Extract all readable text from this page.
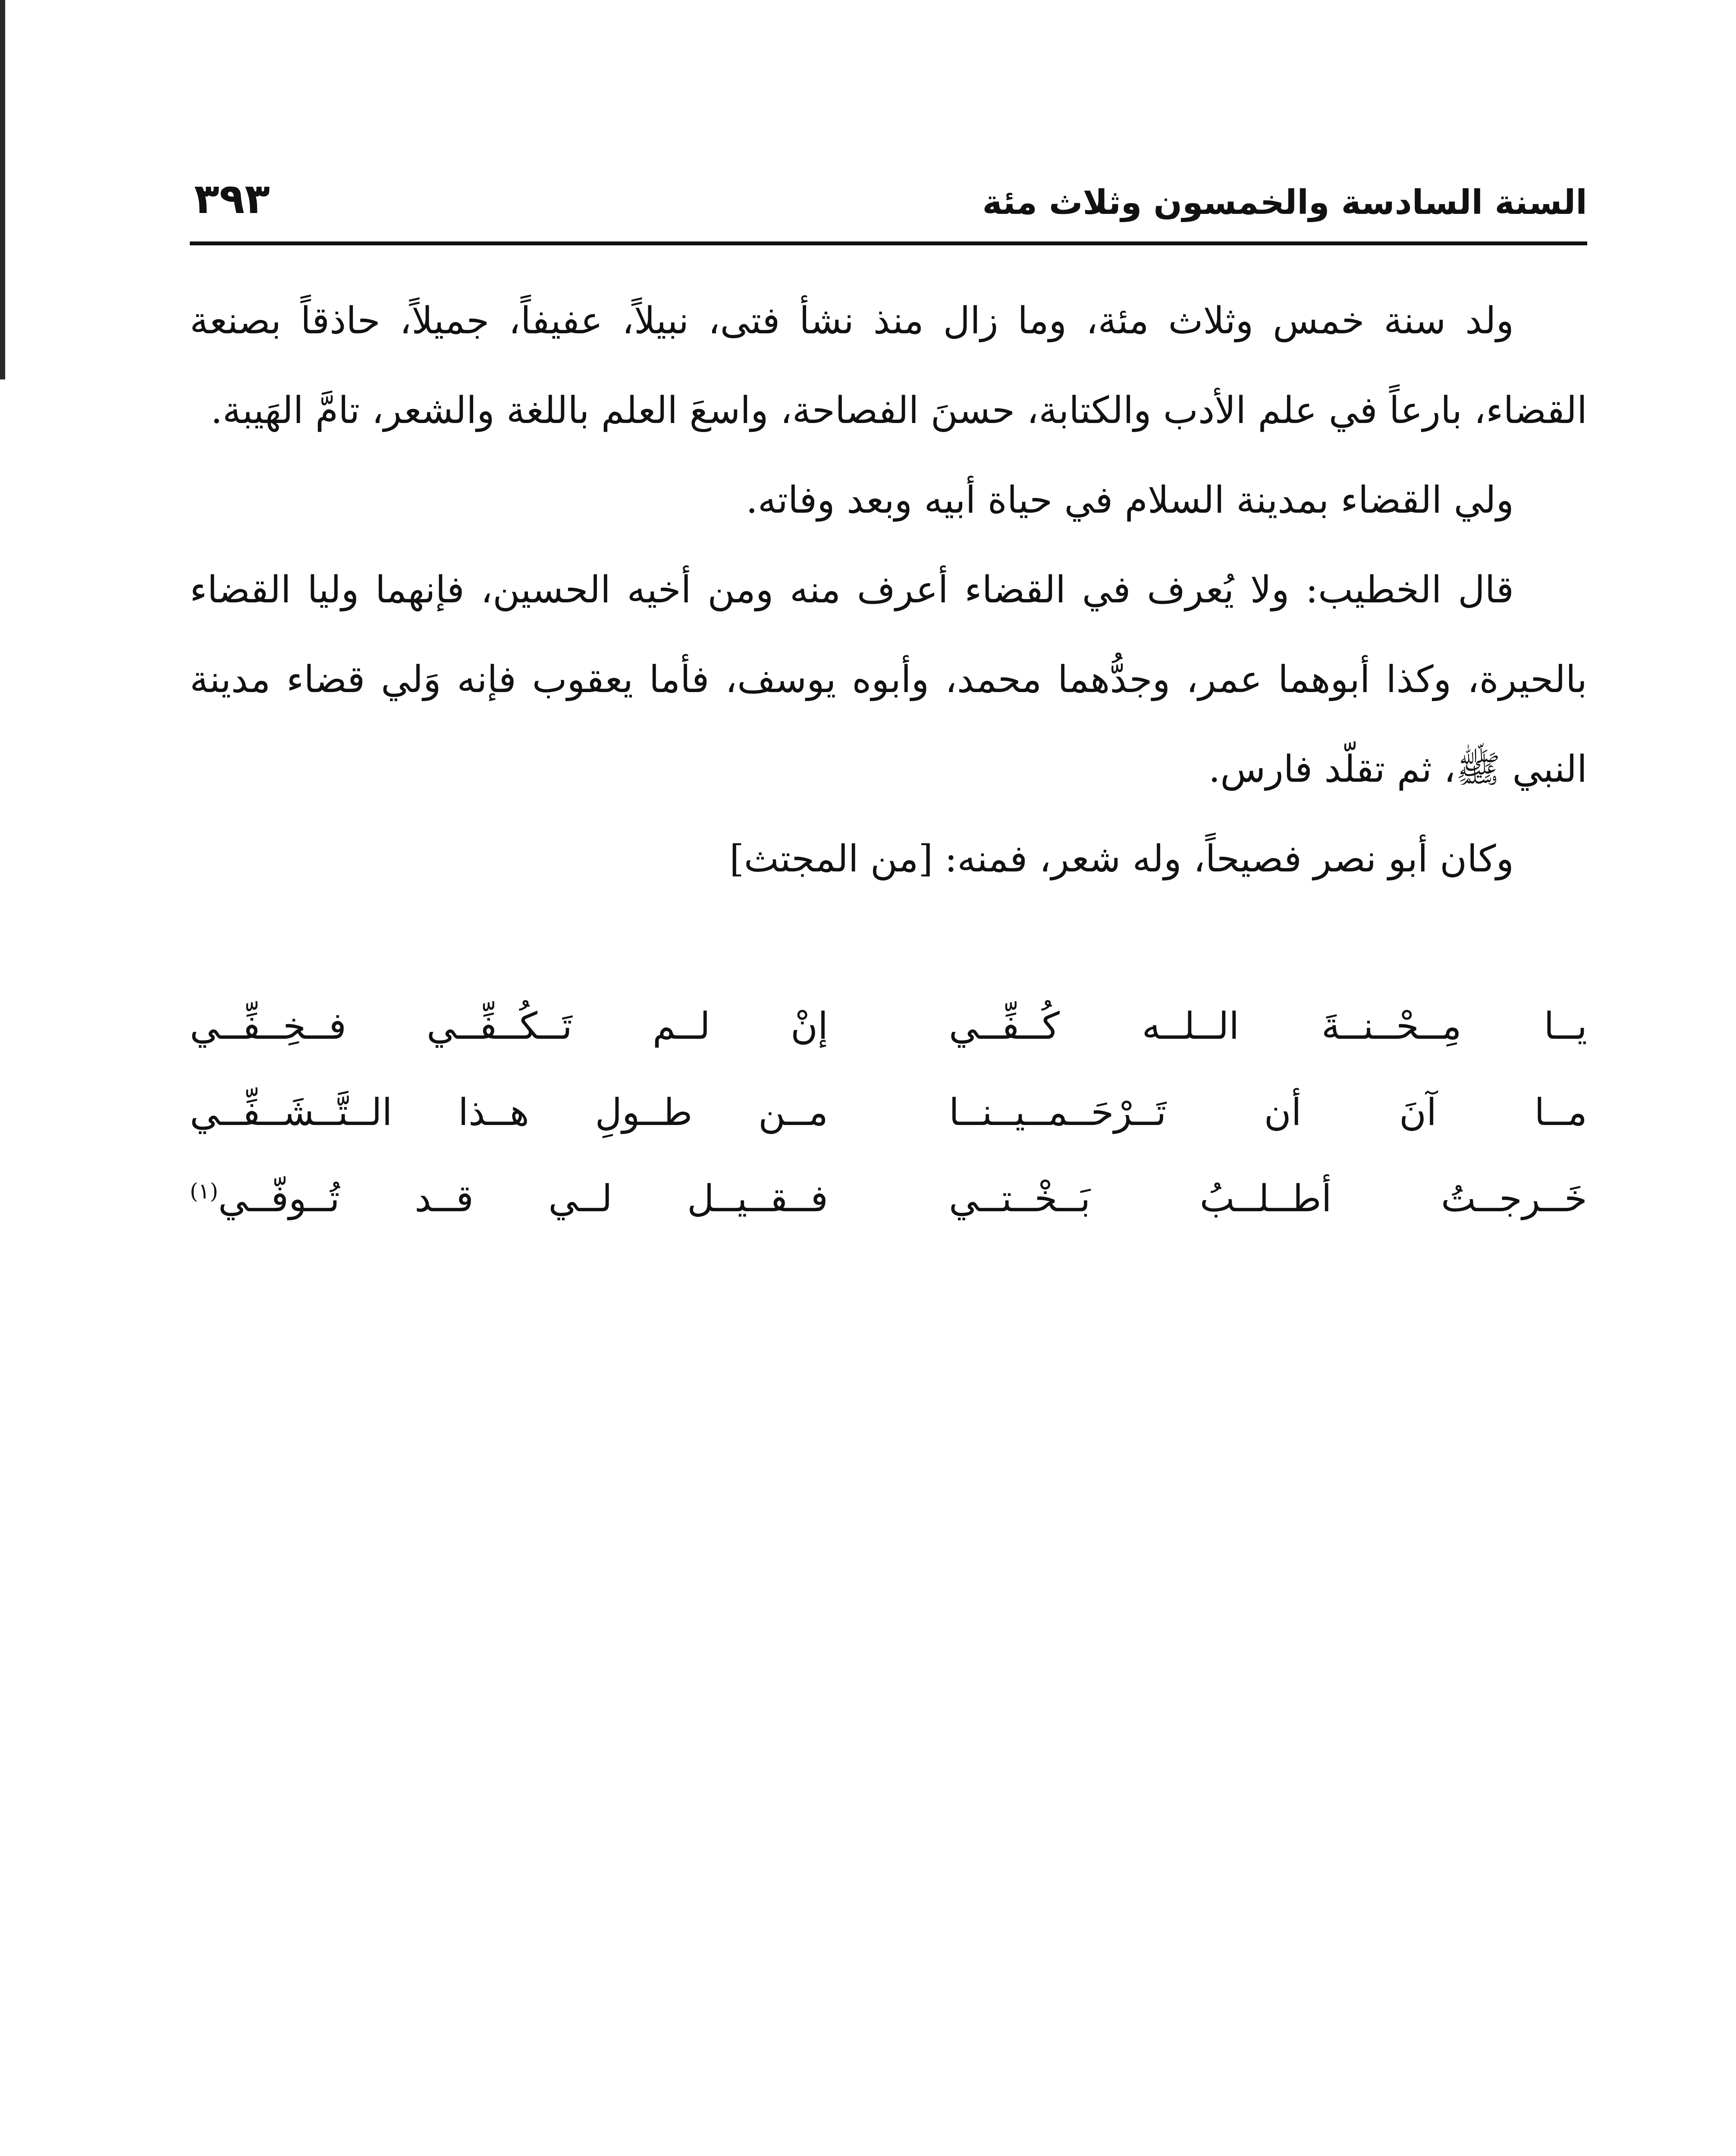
السنة السادسة والخمسون وثلاث مئة
٣٩٣

ولد سنة خمس وثلاث مئة، وما زال منذ نشأ فتى، نبيلاً، عفيفاً، جميلاً، حاذقاً بصنعة القضاء، بارعاً في علم الأدب والكتابة، حسنَ الفصاحة، واسعَ العلم باللغة والشعر، تامَّ الهَيبة.

ولي القضاء بمدينة السلام في حياة أبيه وبعد وفاته.

قال الخطيب: ولا يُعرف في القضاء أعرف منه ومن أخيه الحسين، فإنهما وليا القضاء بالحيرة، وكذا أبوهما عمر، وجدُّهما محمد، وأبوه يوسف، فأما يعقوب فإنه وَلي قضاء مدينة النبي ﷺ، ثم تقلّد فارس.

وكان أبو نصر فصيحاً، وله شعر، فمنه: [من المجتث]

يــا مِــحْــنــةَ الــلــه كُــفِّــي
إنْ لــم تَــكُــفِّــي فــخِــفِّــي
مــا آنَ أن تَــرْحَــمــيــنــا
مــن طــولِ هــذا الــتَّــشَــفِّــي
خَــرجــتُ أطــلــبُ بَــخْــتــي
فــقــيــل لــي قــد تُــوفّــي$^{(١)}$
